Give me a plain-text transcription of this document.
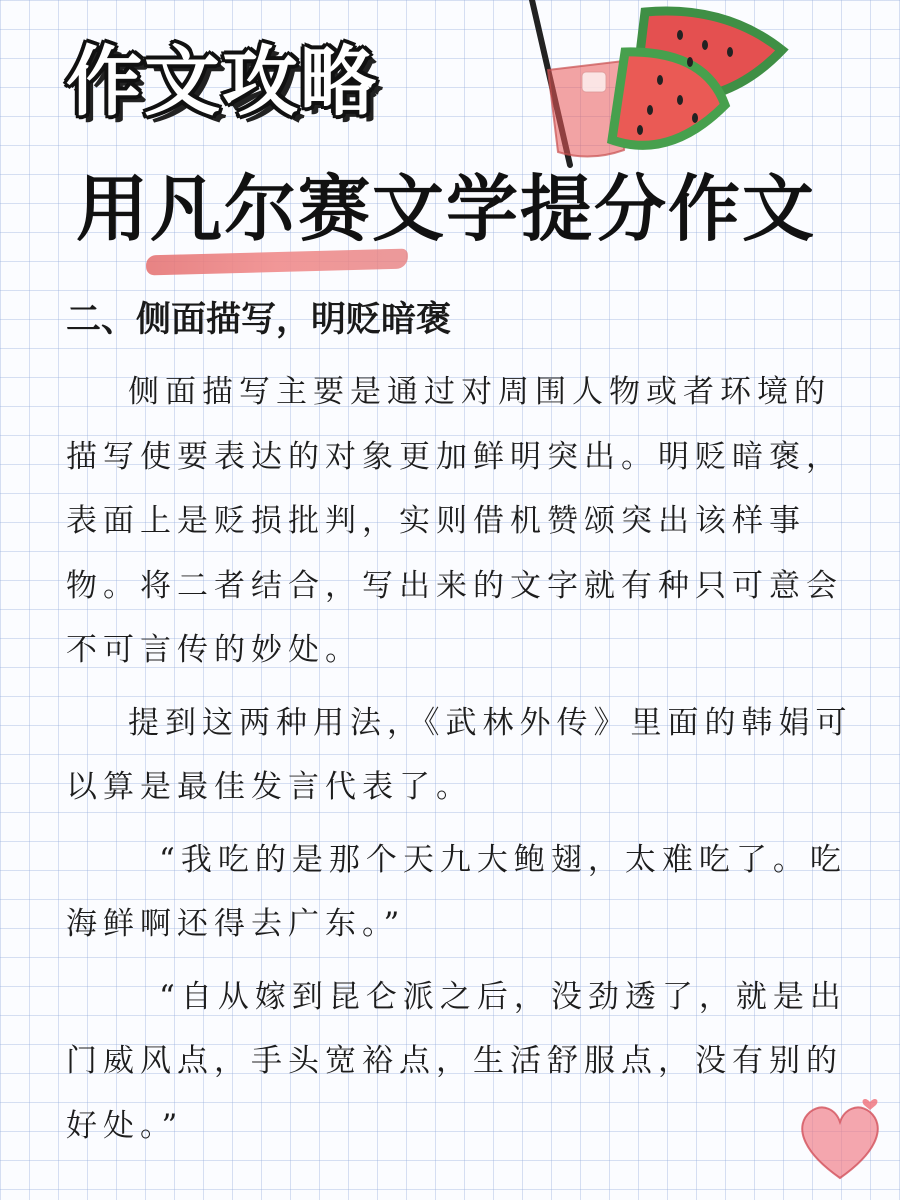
作文攻略
用凡尔赛文学提分作文
二、侧面描写，明贬暗褒

侧面描写主要是通过对周围人物或者环境的描写使要表达的对象更加鲜明突出。明贬暗褒，表面上是贬损批判，实则借机赞颂突出该样事物。将二者结合，写出来的文字就有种只可意会不可言传的妙处。

提到这两种用法，《武林外传》里面的韩娟可以算是最佳发言代表了。

“我吃的是那个天九大鲍翅，太难吃了。吃海鲜啊还得去广东。”

“自从嫁到昆仑派之后，没劲透了，就是出门威风点，手头宽裕点，生活舒服点，没有别的好处。”
